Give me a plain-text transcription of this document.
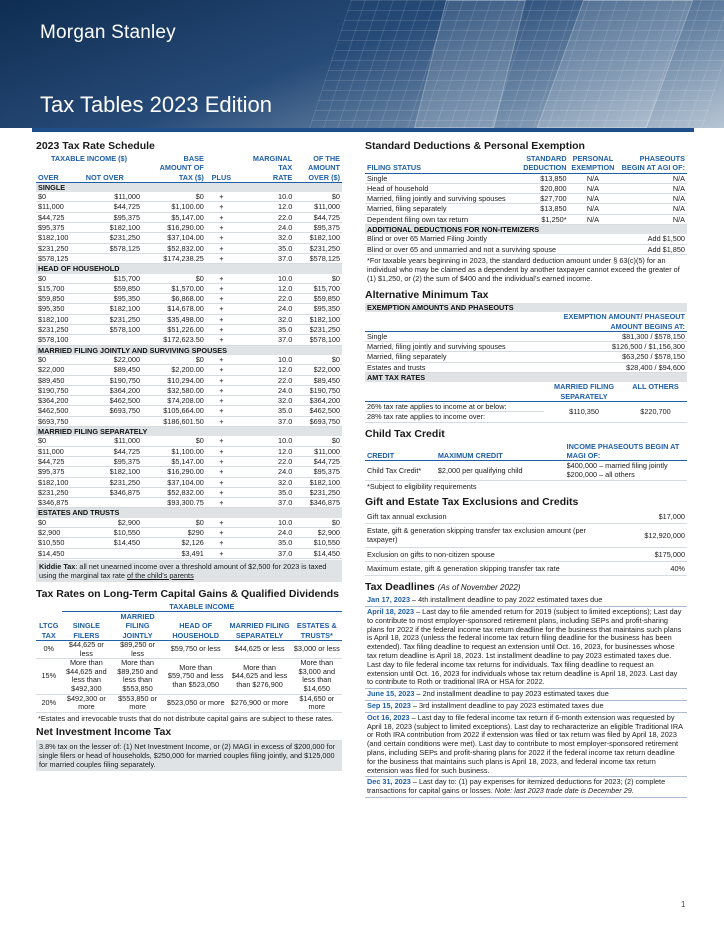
Morgan Stanley
Tax Tables 2023 Edition
2023 Tax Rate Schedule
TAXABLE INCOME ($)		BASE		MARGINAL	OF THE
		AMOUNT OF		TAX	AMOUNT
OVER	NOT OVER	TAX ($)	PLUS	RATE	OVER ($)
SINGLE					
$0	$11,000	$0	+	10.0	$0
$11,000	$44,725	$1,100.00	+	12.0	$11,000
$44,725	$95,375	$5,147.00	+	22.0	$44,725
$95,375	$182,100	$16,290.00	+	24.0	$95,375
$182,100	$231,250	$37,104.00	+	32.0	$182,100
$231,250	$578,125	$52,832.00	+	35.0	$231,250
$578,125		$174,238.25	+	37.0	$578,125
HEAD OF HOUSEHOLD					
$0	$15,700	$0	+	10.0	$0
$15,700	$59,850	$1,570.00	+	12.0	$15,700
$59,850	$95,350	$6,868.00	+	22.0	$59,850
$95,350	$182,100	$14,678.00	+	24.0	$95,350
$182,100	$231,250	$35,498.00	+	32.0	$182,100
$231,250	$578,100	$51,226.00	+	35.0	$231,250
$578,100		$172,623.50	+	37.0	$578,100
MARRIED FILING JOINTLY AND SURVIVING SPOUSES					
$0	$22,000	$0	+	10.0	$0
$22,000	$89,450	$2,200.00	+	12.0	$22,000
$89,450	$190,750	$10,294.00	+	22.0	$89,450
$190,750	$364,200	$32,580.00	+	24.0	$190,750
$364,200	$462,500	$74,208.00	+	32.0	$364,200
$462,500	$693,750	$105,664.00	+	35.0	$462,500
$693,750		$186,601.50	+	37.0	$693,750
MARRIED FILING SEPARATELY					
$0	$11,000	$0	+	10.0	$0
$11,000	$44,725	$1,100.00	+	12.0	$11,000
$44,725	$95,375	$5,147.00	+	22.0	$44,725
$95,375	$182,100	$16,290.00	+	24.0	$95,375
$182,100	$231,250	$37,104.00	+	32.0	$182,100
$231,250	$346,875	$52,832.00	+	35.0	$231,250
$346,875		$93,300.75	+	37.0	$346,875
ESTATES AND TRUSTS					
$0	$2,900	$0	+	10.0	$0
$2,900	$10,550	$290	+	24.0	$2,900
$10,550	$14,450	$2,126	+	35.0	$10,550
$14,450		$3,491	+	37.0	$14,450
Kiddie Tax: all net unearned income over a threshold amount of $2,500 for 2023 is taxed using the marginal tax rate of the child's parents
Tax Rates on Long-Term Capital Gains & Qualified Dividends
	TAXABLE INCOME				
LTCG TAX	SINGLE FILERS	MARRIED FILING JOINTLY	HEAD OF HOUSEHOLD	MARRIED FILING SEPARATELY	ESTATES & TRUSTS*
0%	$44,625 or less	$89,250 or less	$59,750 or less	$44,625 or less	$3,000 or less
15%	More than $44,625 and less than $492,300	More than $89,250 and less than $553,850	More than $59,750 and less than $523,050	More than $44,625 and less than $276,900	More than $3,000 and less than $14,650
20%	$492,300 or more	$553,850 or more	$523,050 or more	$276,900 or more	$14,650 or more
*Estates and irrevocable trusts that do not distribute capital gains are subject to these rates.
Net Investment Income Tax
3.8% tax on the lesser of: (1) Net Investment Income, or (2) MAGI in excess of $200,000 for single filers or head of households, $250,000 for married couples filing jointly, and $125,000 for married couples filing separately.
Standard Deductions & Personal Exemption
	STANDARD	PERSONAL	PHASEOUTS
FILING STATUS	DEDUCTION	EXEMPTION	BEGIN AT AGI OF:
Single	$13,850	N/A	N/A
Head of household	$20,800	N/A	N/A
Married, filing jointly and surviving spouses	$27,700	N/A	N/A
Married, filing separately	$13,850	N/A	N/A
Dependent filing own tax return	$1,250*	N/A	N/A
ADDITIONAL DEDUCTIONS FOR NON-ITEMIZERS	
Blind or over 65 Married Filing Jointly	Add $1,500
Blind or over 65 and unmarried and not a surviving spouse	Add $1,850
*For taxable years beginning in 2023, the standard deduction amount under § 63(c)(5) for an individual who may be claimed as a dependent by another taxpayer cannot exceed the greater of (1) $1,250, or (2) the sum of $400 and the individual's earned income.
Alternative Minimum Tax
EXEMPTION AMOUNTS AND PHASEOUTS	
	EXEMPTION AMOUNT/ PHASEOUT
	AMOUNT BEGINS AT:
Single	$81,300 / $578,150
Married, filing jointly and surviving spouses	$126,500 / $1,156,300
Married, filing separately	$63,250 / $578,150
Estates and trusts	$28,400 / $94,600
AMT TAX RATES		
	MARRIED FILING	ALL OTHERS
	SEPARATELY	
26% tax rate applies to income at or below:	$110,350	$220,700
28% tax rate applies to income over:		
Child Tax Credit
		INCOME PHASEOUTS BEGIN AT
CREDIT	MAXIMUM CREDIT	MAGI OF:
Child Tax Credit*	$2,000 per qualifying child	$400,000 – married filing jointly
$200,000 – all others
*Subject to eligibility requirements
Gift and Estate Tax Exclusions and Credits
Gift tax annual exclusion	$17,000
Estate, gift & generation skipping transfer tax exclusion amount (per taxpayer)	$12,920,000
Exclusion on gifts to non-citizen spouse	$175,000
Maximum estate, gift & generation skipping transfer tax rate	40%
Tax Deadlines (As of November 2022)
Jan 17, 2023 – 4th installment deadline to pay 2022 estimated taxes due
April 18, 2023 – Last day to file amended return for 2019 (subject to limited exceptions); Last day to contribute to most employer-sponsored retirement plans, including SEPs and profit-sharing plans for 2022 if the federal income tax return deadline for the business that maintains such plans is April 18, 2023 (unless the federal income tax return filing deadline for the business has been extended). Tax filing deadline to request an extension until Oct. 16, 2023, for businesses whose tax return deadline is April 18, 2023. 1st installment deadline to pay 2023 estimated taxes due. Last day to file federal income tax returns for individuals. Tax filing deadline to request an extension until Oct. 16, 2023 for individuals whose tax return deadline is April 18, 2023. Last day to contribute to Roth or traditional IRA or HSA for 2022.
June 15, 2023 – 2nd installment deadline to pay 2023 estimated taxes due
Sep 15, 2023 – 3rd installment deadline to pay 2023 estimated taxes due
Oct 16, 2023 – Last day to file federal income tax return if 6-month extension was requested by April 18, 2023 (subject to limited exceptions). Last day to recharacterize an eligible Traditional IRA or Roth IRA contribution from 2022 if extension was filed or tax return was filed by April 18, 2023 (and certain conditions were met). Last day to contribute to most employer-sponsored retirement plans, including SEPs and profit-sharing plans for 2022 if the federal income tax return deadline for the business that maintains such plans is April 18, 2023, and federal income tax return extension was filed for such business.
Dec 31, 2023 – Last day to: (1) pay expenses for itemized deductions for 2023; (2) complete transactions for capital gains or losses. Note: last 2023 trade date is December 29.
1
